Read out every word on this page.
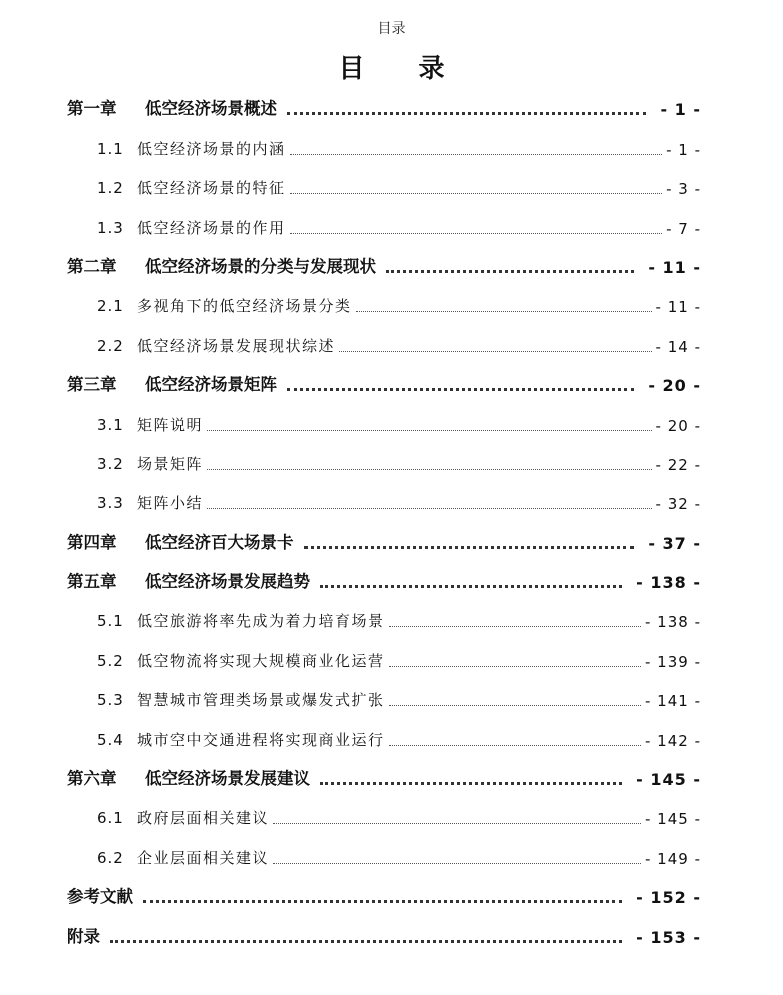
目录
目　录
第一章 低空经济场景概述	- 1 -
1.1 低空经济场景的内涵	- 1 -
1.2 低空经济场景的特征	- 3 -
1.3 低空经济场景的作用	- 7 -
第二章 低空经济场景的分类与发展现状	- 11 -
2.1 多视角下的低空经济场景分类	- 11 -
2.2 低空经济场景发展现状综述	- 14 -
第三章 低空经济场景矩阵	- 20 -
3.1 矩阵说明	- 20 -
3.2 场景矩阵	- 22 -
3.3 矩阵小结	- 32 -
第四章 低空经济百大场景卡	- 37 -
第五章 低空经济场景发展趋势	- 138 -
5.1 低空旅游将率先成为着力培育场景	- 138 -
5.2 低空物流将实现大规模商业化运营	- 139 -
5.3 智慧城市管理类场景或爆发式扩张	- 141 -
5.4 城市空中交通进程将实现商业运行	- 142 -
第六章 低空经济场景发展建议	- 145 -
6.1 政府层面相关建议	- 145 -
6.2 企业层面相关建议	- 149 -
参考文献	- 152 -
附录	- 153 -
